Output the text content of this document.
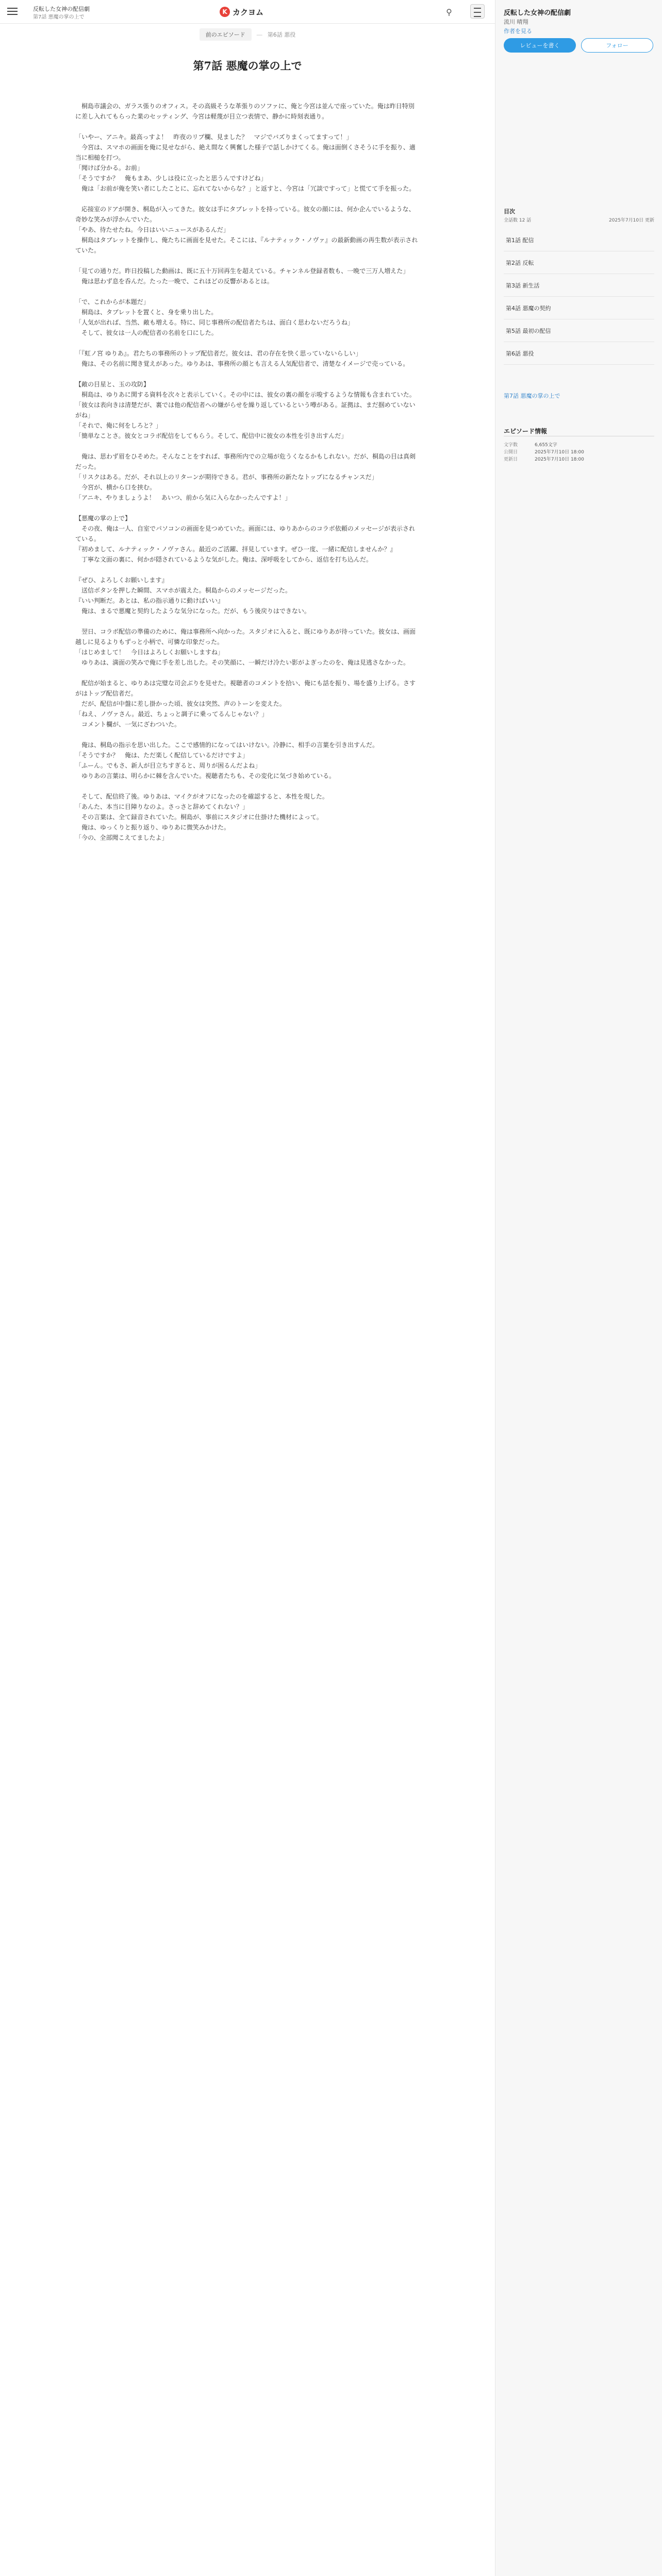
反転した女神の配信劇
第7話 悪魔の掌の上で
K カクヨム	⚲
前のエピソード	― 第6話 悪役
第7話 悪魔の掌の上で

　桐島市議会の、ガラス張りのオフィス。その高級そうな革張りのソファに、俺と今宮は並んで座っていた。俺は昨日特別に差し入れてもらった業のセッティング、今宮は軽蔑が目立つ表情で、静かに時刻表通り。

「いやー、アニキ。最高っすよ！　昨夜のリプ欄、見ました？　マジでバズりまくってますって！」
　今宮は、スマホの画面を俺に見せながら、絶え間なく興奮した様子で話しかけてくる。俺は面倒くさそうに手を振り、適当に相槌を打つ。
「聞けば分かる。お前」
「そうですか？　俺もまあ、少しは役に立ったと思うんですけどね」
　俺は「お前が俺を笑い者にしたことに、忘れてないからな？」と返すと、今宮は「冗談ですって」と慌てて手を振った。

　応接室のドアが開き、桐島が入ってきた。彼女は手にタブレットを持っている。彼女の顔には、何か企んでいるような、奇妙な笑みが浮かんでいた。
「やあ、待たせたね。今日はいいニュースがあるんだ」
　桐島はタブレットを操作し、俺たちに画面を見せた。そこには、『ルナティック・ノヴァ』の最新動画の再生数が表示されていた。

「見ての通りだ。昨日投稿した動画は、既に五十万回再生を超えている。チャンネル登録者数も、一晩で三万人増えた」
　俺は思わず息を呑んだ。たった一晩で、これほどの反響があるとは。

「で、これからが本題だ」
　桐島は、タブレットを置くと、身を乗り出した。
「人気が出れば、当然、敵も増える。特に、同じ事務所の配信者たちは、面白く思わないだろうね」
　そして、彼女は一人の配信者の名前を口にした。

「『虹ノ宮 ゆりあ』。君たちの事務所のトップ配信者だ。彼女は、君の存在を快く思っていないらしい」
　俺は、その名前に聞き覚えがあった。ゆりあは、事務所の顔とも言える人気配信者で、清楚なイメージで売っている。

【敵の目星と、玉の攻防】
　桐島は、ゆりあに関する資料を次々と表示していく。その中には、彼女の裏の顔を示唆するような情報も含まれていた。
「彼女は表向きは清楚だが、裏では他の配信者への嫌がらせを繰り返しているという噂がある。証拠は、まだ掴めていないがね」
「それで、俺に何をしろと？」
「簡単なことさ。彼女とコラボ配信をしてもらう。そして、配信中に彼女の本性を引き出すんだ」

　俺は、思わず眉をひそめた。そんなことをすれば、事務所内での立場が危うくなるかもしれない。だが、桐島の目は真剣だった。
「リスクはある。だが、それ以上のリターンが期待できる。君が、事務所の新たなトップになるチャンスだ」
　今宮が、横から口を挟む。
「アニキ、やりましょうよ！　あいつ、前から気に入らなかったんですよ！」

【悪魔の掌の上で】
　その夜、俺は一人、自室でパソコンの画面を見つめていた。画面には、ゆりあからのコラボ依頼のメッセージが表示されている。
『初めまして、ルナティック・ノヴァさん。最近のご活躍、拝見しています。ぜひ一度、一緒に配信しませんか？』
　丁寧な文面の裏に、何かが隠されているような気がした。俺は、深呼吸をしてから、返信を打ち込んだ。

『ぜひ、よろしくお願いします』
　送信ボタンを押した瞬間、スマホが震えた。桐島からのメッセージだった。
『いい判断だ。あとは、私の指示通りに動けばいい』
　俺は、まるで悪魔と契約したような気分になった。だが、もう後戻りはできない。

　翌日、コラボ配信の準備のために、俺は事務所へ向かった。スタジオに入ると、既にゆりあが待っていた。彼女は、画面越しに見るよりもずっと小柄で、可憐な印象だった。
「はじめまして！　今日はよろしくお願いしますね」
　ゆりあは、満面の笑みで俺に手を差し出した。その笑顔に、一瞬だけ冷たい影がよぎったのを、俺は見逃さなかった。

　配信が始まると、ゆりあは完璧な司会ぶりを見せた。視聴者のコメントを拾い、俺にも話を振り、場を盛り上げる。さすがはトップ配信者だ。
　だが、配信が中盤に差し掛かった頃、彼女は突然、声のトーンを変えた。
「ねえ、ノヴァさん。最近、ちょっと調子に乗ってるんじゃない？」
　コメント欄が、一気にざわついた。

　俺は、桐島の指示を思い出した。ここで感情的になってはいけない。冷静に、相手の言葉を引き出すんだ。
「そうですか？　俺は、ただ楽しく配信しているだけですよ」
「ふーん。でもさ、新人が目立ちすぎると、周りが困るんだよね」
　ゆりあの言葉は、明らかに棘を含んでいた。視聴者たちも、その変化に気づき始めている。

　そして、配信終了後。ゆりあは、マイクがオフになったのを確認すると、本性を現した。
「あんた、本当に目障りなのよ。さっさと辞めてくれない？」
　その言葉は、全て録音されていた。桐島が、事前にスタジオに仕掛けた機材によって。
　俺は、ゆっくりと振り返り、ゆりあに微笑みかけた。
「今の、全部聞こえてましたよ」

反転した女神の配信劇
流川 晴翔
作者を見る
レビューを書く	フォロー
目次
全話数 12 話	2025年7月10日 更新
第1話 配信
第2話 反転
第3話 新生活
第4話 悪魔の契約
第5話 最初の配信
第6話 悪役
第7話 悪魔の掌の上で
エピソード情報
文字数	6,655文字
公開日	2025年7月10日 18:00
更新日	2025年7月10日 18:00
